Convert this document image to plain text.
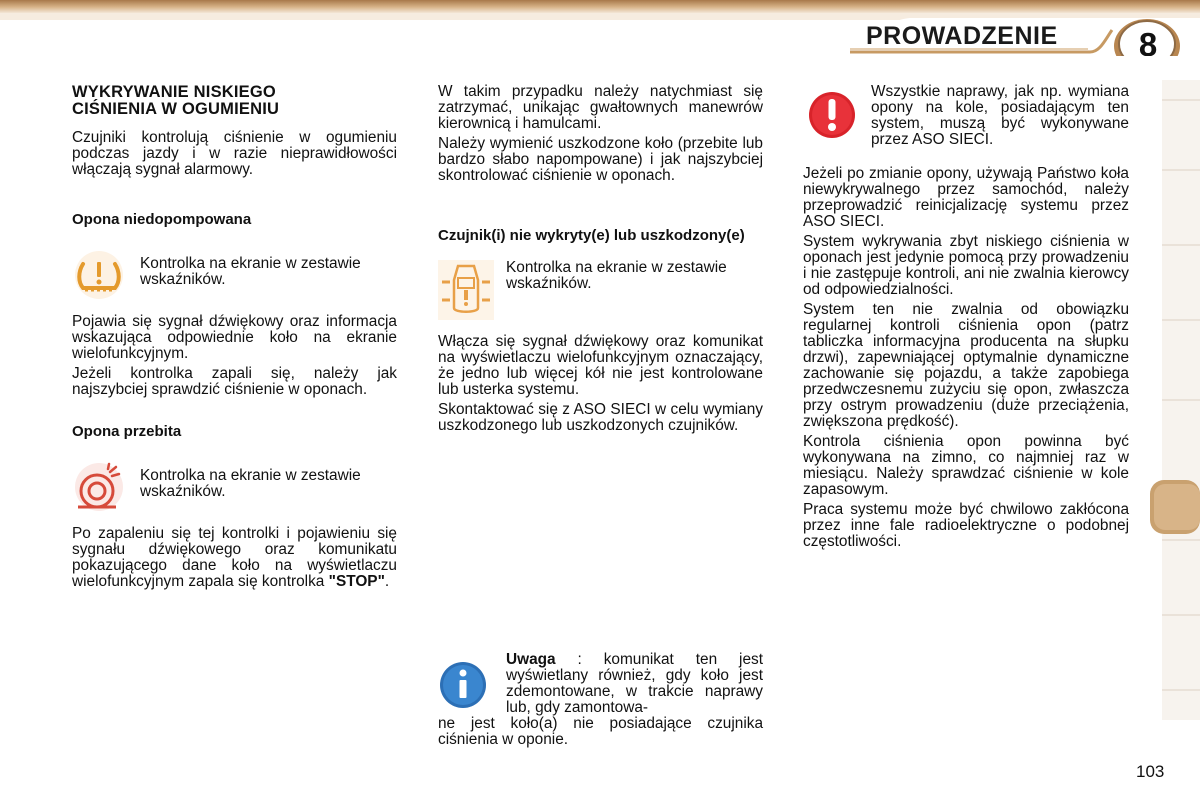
PROWADZENIE 8
WYKRYWANIE NISKIEGO
CIŚNIENIA W OGUMIENIU

Czujniki kontrolują ciśnienie w ogumieniu podczas jazdy i w razie nieprawidłowości włączają sygnał alarmowy.

Opona niedopompowana

Kontrolka na ekranie w zestawie wskaźników.

Pojawia się sygnał dźwiękowy oraz informacja wskazująca odpowiednie koło na ekranie wielofunkcyjnym.

Jeżeli kontrolka zapali się, należy jak najszybciej sprawdzić ciśnienie w oponach.

Opona przebita

Kontrolka na ekranie w zestawie wskaźników.

Po zapaleniu się tej kontrolki i pojawieniu się sygnału dźwiękowego oraz komunikatu pokazującego dane koło na wyświetlaczu wielofunkcyjnym zapala się kontrolka "STOP".

W takim przypadku należy natychmiast się zatrzymać, unikając gwałtownych manewrów kierownicą i hamulcami.

Należy wymienić uszkodzone koło (przebite lub bardzo słabo napompowane) i jak najszybciej skontrolować ciśnienie w oponach.

Czujnik(i) nie wykryty(e) lub uszkodzony(e)

Kontrolka na ekranie w zestawie wskaźników.

Włącza się sygnał dźwiękowy oraz komunikat na wyświetlaczu wielofunkcyjnym oznaczający, że jedno lub więcej kół nie jest kontrolowane lub usterka systemu.

Skontaktować się z ASO SIECI w celu wymiany uszkodzonego lub uszkodzonych czujników.

Uwaga : komunikat ten jest wyświetlany również, gdy koło jest zdemontowane, w trakcie naprawy lub, gdy zamontowa-

ne jest koło(a) nie posiadające czujnika ciśnienia w oponie.

Wszystkie naprawy, jak np. wymiana opony na kole, posiadającym ten system, muszą być wykonywane przez ASO SIECI.

Jeżeli po zmianie opony, używają Państwo koła niewykrywalnego przez samochód, należy przeprowadzić reinicjalizację systemu przez ASO SIECI.

System wykrywania zbyt niskiego ciśnienia w oponach jest jedynie pomocą przy prowadzeniu i nie zastępuje kontroli, ani nie zwalnia kierowcy od odpowiedzialności.

System ten nie zwalnia od obowiązku regularnej kontroli ciśnienia opon (patrz tabliczka informacyjna producenta na słupku drzwi), zapewniającej optymalnie dynamiczne zachowanie się pojazdu, a także zapobiega przedwczesnemu zużyciu się opon, zwłaszcza przy ostrym prowadzeniu (duże przeciążenia, zwiększona prędkość).

Kontrola ciśnienia opon powinna być wykonywana na zimno, co najmniej raz w miesiącu. Należy sprawdzać ciśnienie w kole zapasowym.

Praca systemu może być chwilowo zakłócona przez inne fale radioelektryczne o podobnej częstotliwości.

103
